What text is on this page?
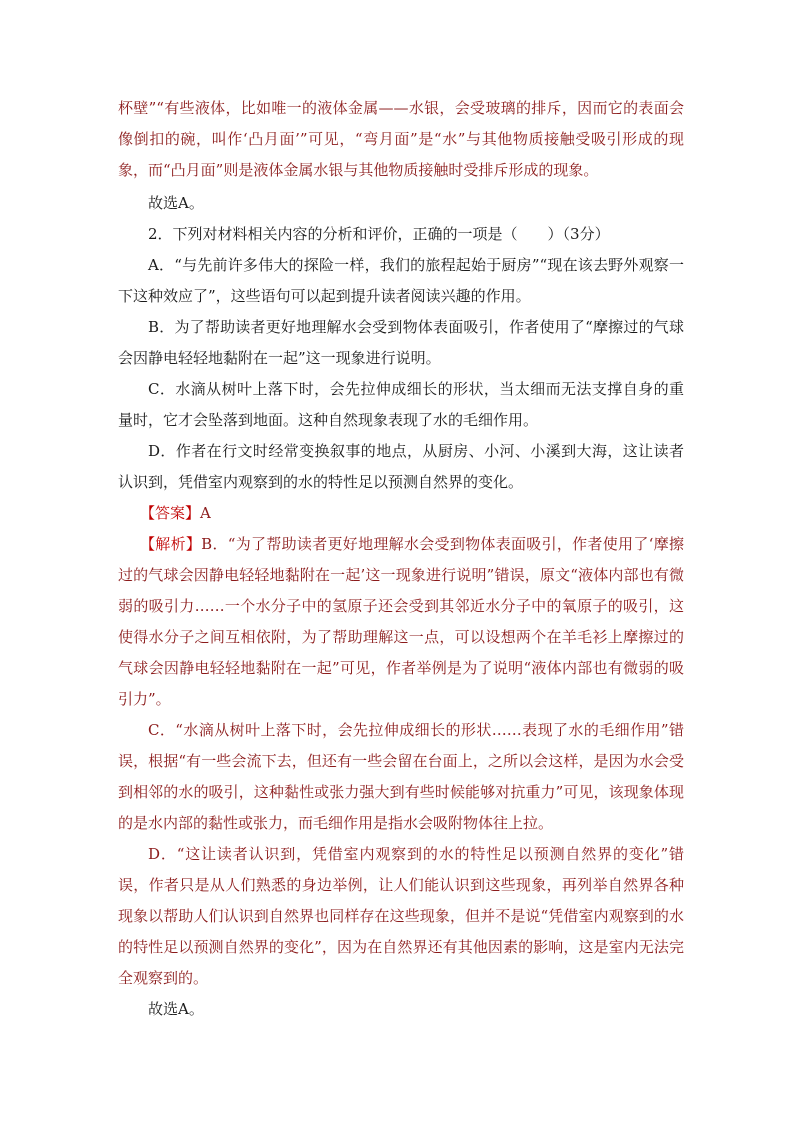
杯壁”“有些液体，比如唯一的液体金属——水银，会受玻璃的排斥，因而它的表面会像倒扣的碗，叫作‘凸月面’”可见，“弯月面”是“水”与其他物质接触受吸引形成的现象，而“凸月面”则是液体金属水银与其他物质接触时受排斥形成的现象。

故选A。

2．下列对材料相关内容的分析和评价，正确的一项是（　　）（3分）

A．“与先前许多伟大的探险一样，我们的旅程起始于厨房”“现在该去野外观察一下这种效应了”，这些语句可以起到提升读者阅读兴趣的作用。

B．为了帮助读者更好地理解水会受到物体表面吸引，作者使用了“摩擦过的气球会因静电轻轻地黏附在一起”这一现象进行说明。

C．水滴从树叶上落下时，会先拉伸成细长的形状，当太细而无法支撑自身的重量时，它才会坠落到地面。这种自然现象表现了水的毛细作用。

D．作者在行文时经常变换叙事的地点，从厨房、小河、小溪到大海，这让读者认识到，凭借室内观察到的水的特性足以预测自然界的变化。

【答案】A

【解析】B．“为了帮助读者更好地理解水会受到物体表面吸引，作者使用了‘摩擦过的气球会因静电轻轻地黏附在一起’这一现象进行说明”错误，原文“液体内部也有微弱的吸引力……一个水分子中的氢原子还会受到其邻近水分子中的氧原子的吸引，这使得水分子之间互相依附，为了帮助理解这一点，可以设想两个在羊毛衫上摩擦过的气球会因静电轻轻地黏附在一起”可见，作者举例是为了说明“液体内部也有微弱的吸引力”。

C．“水滴从树叶上落下时，会先拉伸成细长的形状……表现了水的毛细作用”错误，根据“有一些会流下去，但还有一些会留在台面上，之所以会这样，是因为水会受到相邻的水的吸引，这种黏性或张力强大到有些时候能够对抗重力”可见，该现象体现的是水内部的黏性或张力，而毛细作用是指水会吸附物体往上拉。

D．“这让读者认识到，凭借室内观察到的水的特性足以预测自然界的变化”错误，作者只是从人们熟悉的身边举例，让人们能认识到这些现象，再列举自然界各种现象以帮助人们认识到自然界也同样存在这些现象，但并不是说“凭借室内观察到的水的特性足以预测自然界的变化”，因为在自然界还有其他因素的影响，这是室内无法完全观察到的。

故选A。
